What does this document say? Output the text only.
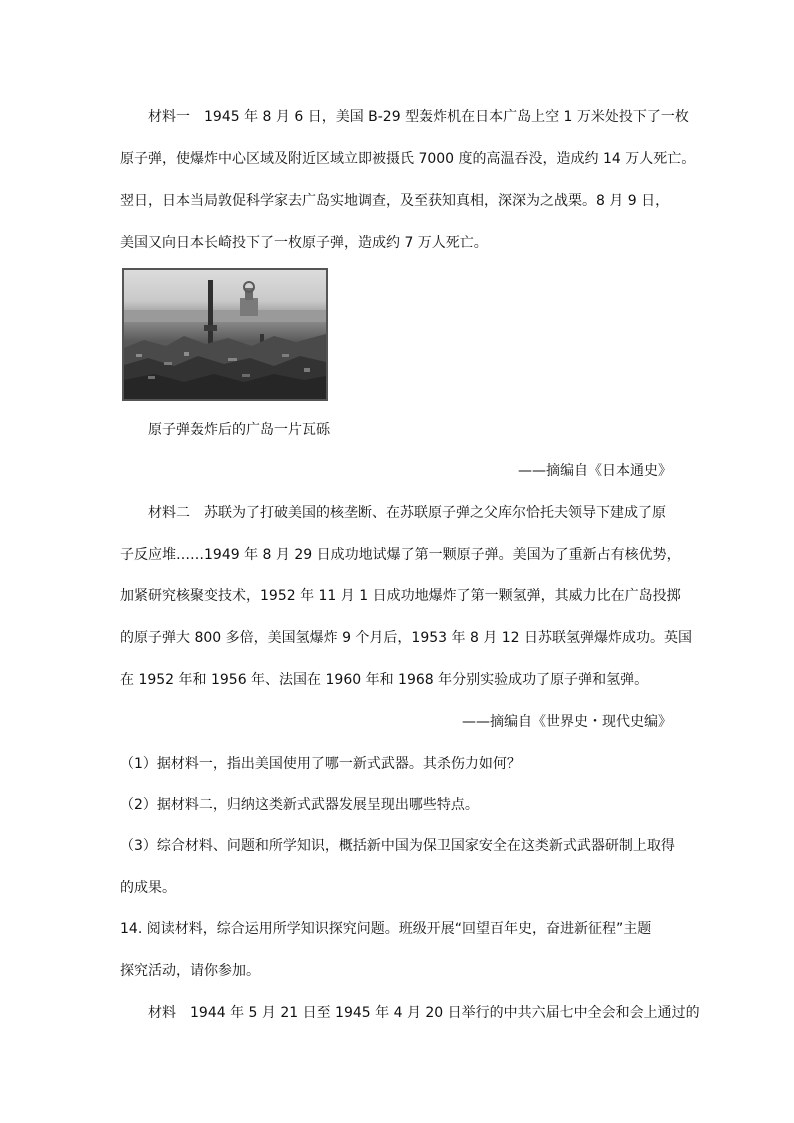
材料一　1945 年 8 月 6 日，美国 B-29 型轰炸机在日本广岛上空 1 万米处投下了一枚
原子弹，使爆炸中心区域及附近区域立即被摄氏 7000 度的高温吞没，造成约 14 万人死亡。
翌日，日本当局敦促科学家去广岛实地调查，及至获知真相，深深为之战栗。8 月 9 日，
美国又向日本长崎投下了一枚原子弹，造成约 7 万人死亡。
原子弹轰炸后的广岛一片瓦砾
——摘编自《日本通史》
材料二　苏联为了打破美国的核垄断、在苏联原子弹之父库尔恰托夫领导下建成了原
子反应堆……1949 年 8 月 29 日成功地试爆了第一颗原子弹。美国为了重新占有核优势，
加紧研究核聚变技术，1952 年 11 月 1 日成功地爆炸了第一颗氢弹，其威力比在广岛投掷
的原子弹大 800 多倍，美国氢爆炸 9 个月后，1953 年 8 月 12 日苏联氢弹爆炸成功。英国
在 1952 年和 1956 年、法国在 1960 年和 1968 年分别实验成功了原子弹和氢弹。
——摘编自《世界史・现代史编》
（1）据材料一，指出美国使用了哪一新式武器。其杀伤力如何？
（2）据材料二，归纳这类新式武器发展呈现出哪些特点。
（3）综合材料、问题和所学知识，概括新中国为保卫国家安全在这类新式武器研制上取得
的成果。
14. 阅读材料，综合运用所学知识探究问题。班级开展“回望百年史，奋进新征程”主题
探究活动，请你参加。
材料　1944 年 5 月 21 日至 1945 年 4 月 20 日举行的中共六届七中全会和会上通过的
